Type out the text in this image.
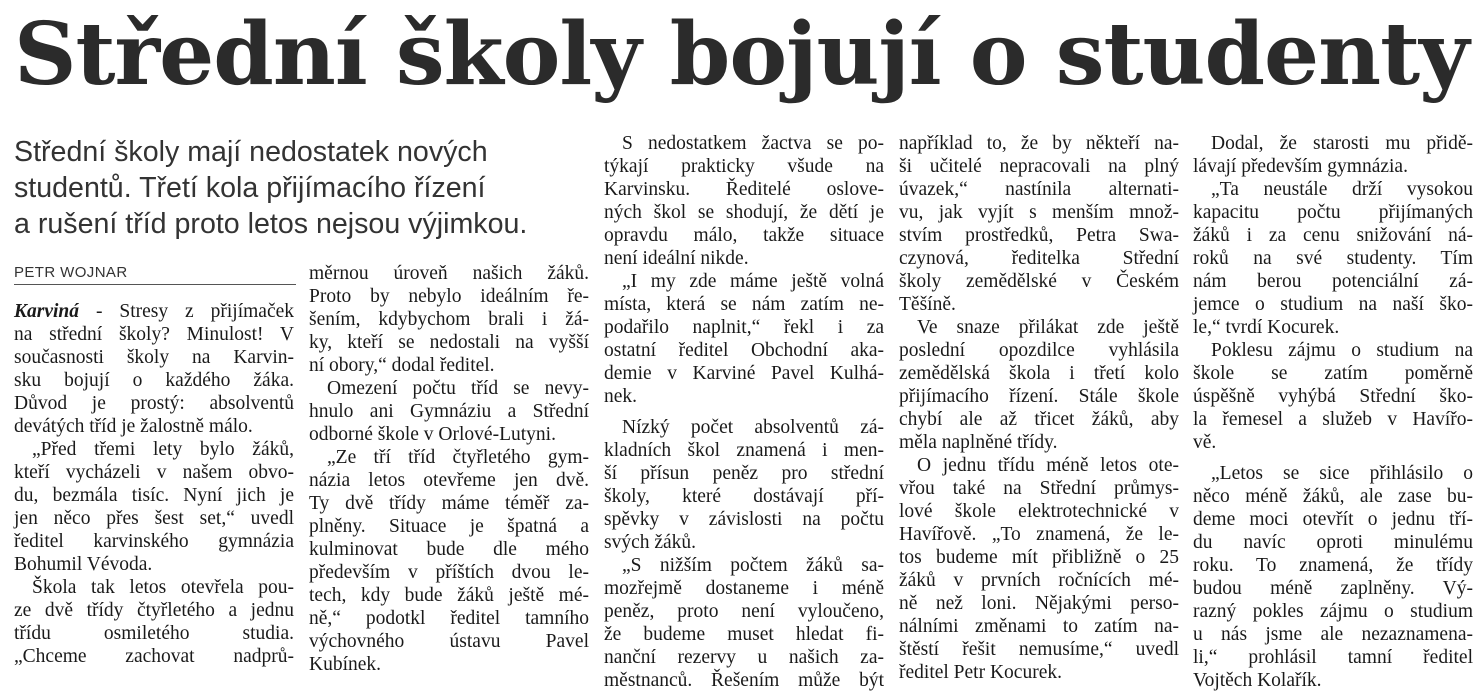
Střední školy bojují o studenty
Střední školy mají nedostatek nových
studentů. Třetí kola přijímacího řízení
a rušení tříd proto letos nejsou výjimkou.
PETR WOJNAR
Karviná - Stresy z přijímaček
na střední školy? Minulost! V
současnosti školy na Karvin-
sku bojují o každého žáka.
Důvod je prostý: absolventů
devátých tříd je žalostně málo.
„Před třemi lety bylo žáků,
kteří vycházeli v našem obvo-
du, bezmála tisíc. Nyní jich je
jen něco přes šest set,“ uvedl
ředitel karvinského gymnázia
Bohumil Vévoda.
Škola tak letos otevřela pou-
ze dvě třídy čtyřletého a jednu
třídu osmiletého studia.
„Chceme zachovat nadprů-
měrnou úroveň našich žáků.
Proto by nebylo ideálním ře-
šením, kdybychom brali i žá-
ky, kteří se nedostali na vyšší
ní obory,“ dodal ředitel.
Omezení počtu tříd se nevy-
hnulo ani Gymnáziu a Střední
odborné škole v Orlové-Lutyni.
„Ze tří tříd čtyřletého gym-
názia letos otevřeme jen dvě.
Ty dvě třídy máme téměř za-
plněny. Situace je špatná a
kulminovat bude dle mého
především v příštích dvou le-
tech, kdy bude žáků ještě mé-
ně,“ podotkl ředitel tamního
výchovného ústavu Pavel
Kubínek.
S nedostatkem žactva se po-
týkají prakticky všude na
Karvinsku. Ředitelé oslove-
ných škol se shodují, že dětí je
opravdu málo, takže situace
není ideální nikde.
„I my zde máme ještě volná
místa, která se nám zatím ne-
podařilo naplnit,“ řekl i za
ostatní ředitel Obchodní aka-
demie v Karviné Pavel Kulhá-
nek.
Nízký počet absolventů zá-
kladních škol znamená i men-
ší přísun peněz pro střední
školy, které dostávají pří-
spěvky v závislosti na počtu
svých žáků.
„S nižším počtem žáků sa-
mozřejmě dostaneme i méně
peněz, proto není vyloučeno,
že budeme muset hledat fi-
nanční rezervy u našich za-
městnanců. Řešením může být
například to, že by někteří na-
ši učitelé nepracovali na plný
úvazek,“ nastínila alternati-
vu, jak vyjít s menším množ-
stvím prostředků, Petra Swa-
czynová, ředitelka Střední
školy zemědělské v Českém
Těšíně.
Ve snaze přilákat zde ještě
poslední opozdilce vyhlásila
zemědělská škola i třetí kolo
přijímacího řízení. Stále škole
chybí ale až třicet žáků, aby
měla naplněné třídy.
O jednu třídu méně letos ote-
vřou také na Střední průmys-
lové škole elektrotechnické v
Havířově. „To znamená, že le-
tos budeme mít přibližně o 25
žáků v prvních ročnících mé-
ně než loni. Nějakými perso-
nálními změnami to zatím na-
štěstí řešit nemusíme,“ uvedl
ředitel Petr Kocurek.
Dodal, že starosti mu přidě-
lávají především gymnázia.
„Ta neustále drží vysokou
kapacitu počtu přijímaných
žáků i za cenu snižování ná-
roků na své studenty. Tím
nám berou potenciální zá-
jemce o studium na naší ško-
le,“ tvrdí Kocurek.
Poklesu zájmu o studium na
škole se zatím poměrně
úspěšně vyhýbá Střední ško-
la řemesel a služeb v Havířo-
vě.
„Letos se sice přihlásilo o
něco méně žáků, ale zase bu-
deme moci otevřít o jednu tří-
du navíc oproti minulému
roku. To znamená, že třídy
budou méně zaplněny. Vý-
razný pokles zájmu o studium
u nás jsme ale nezaznamena-
li,“ prohlásil tamní ředitel
Vojtěch Kolařík.
